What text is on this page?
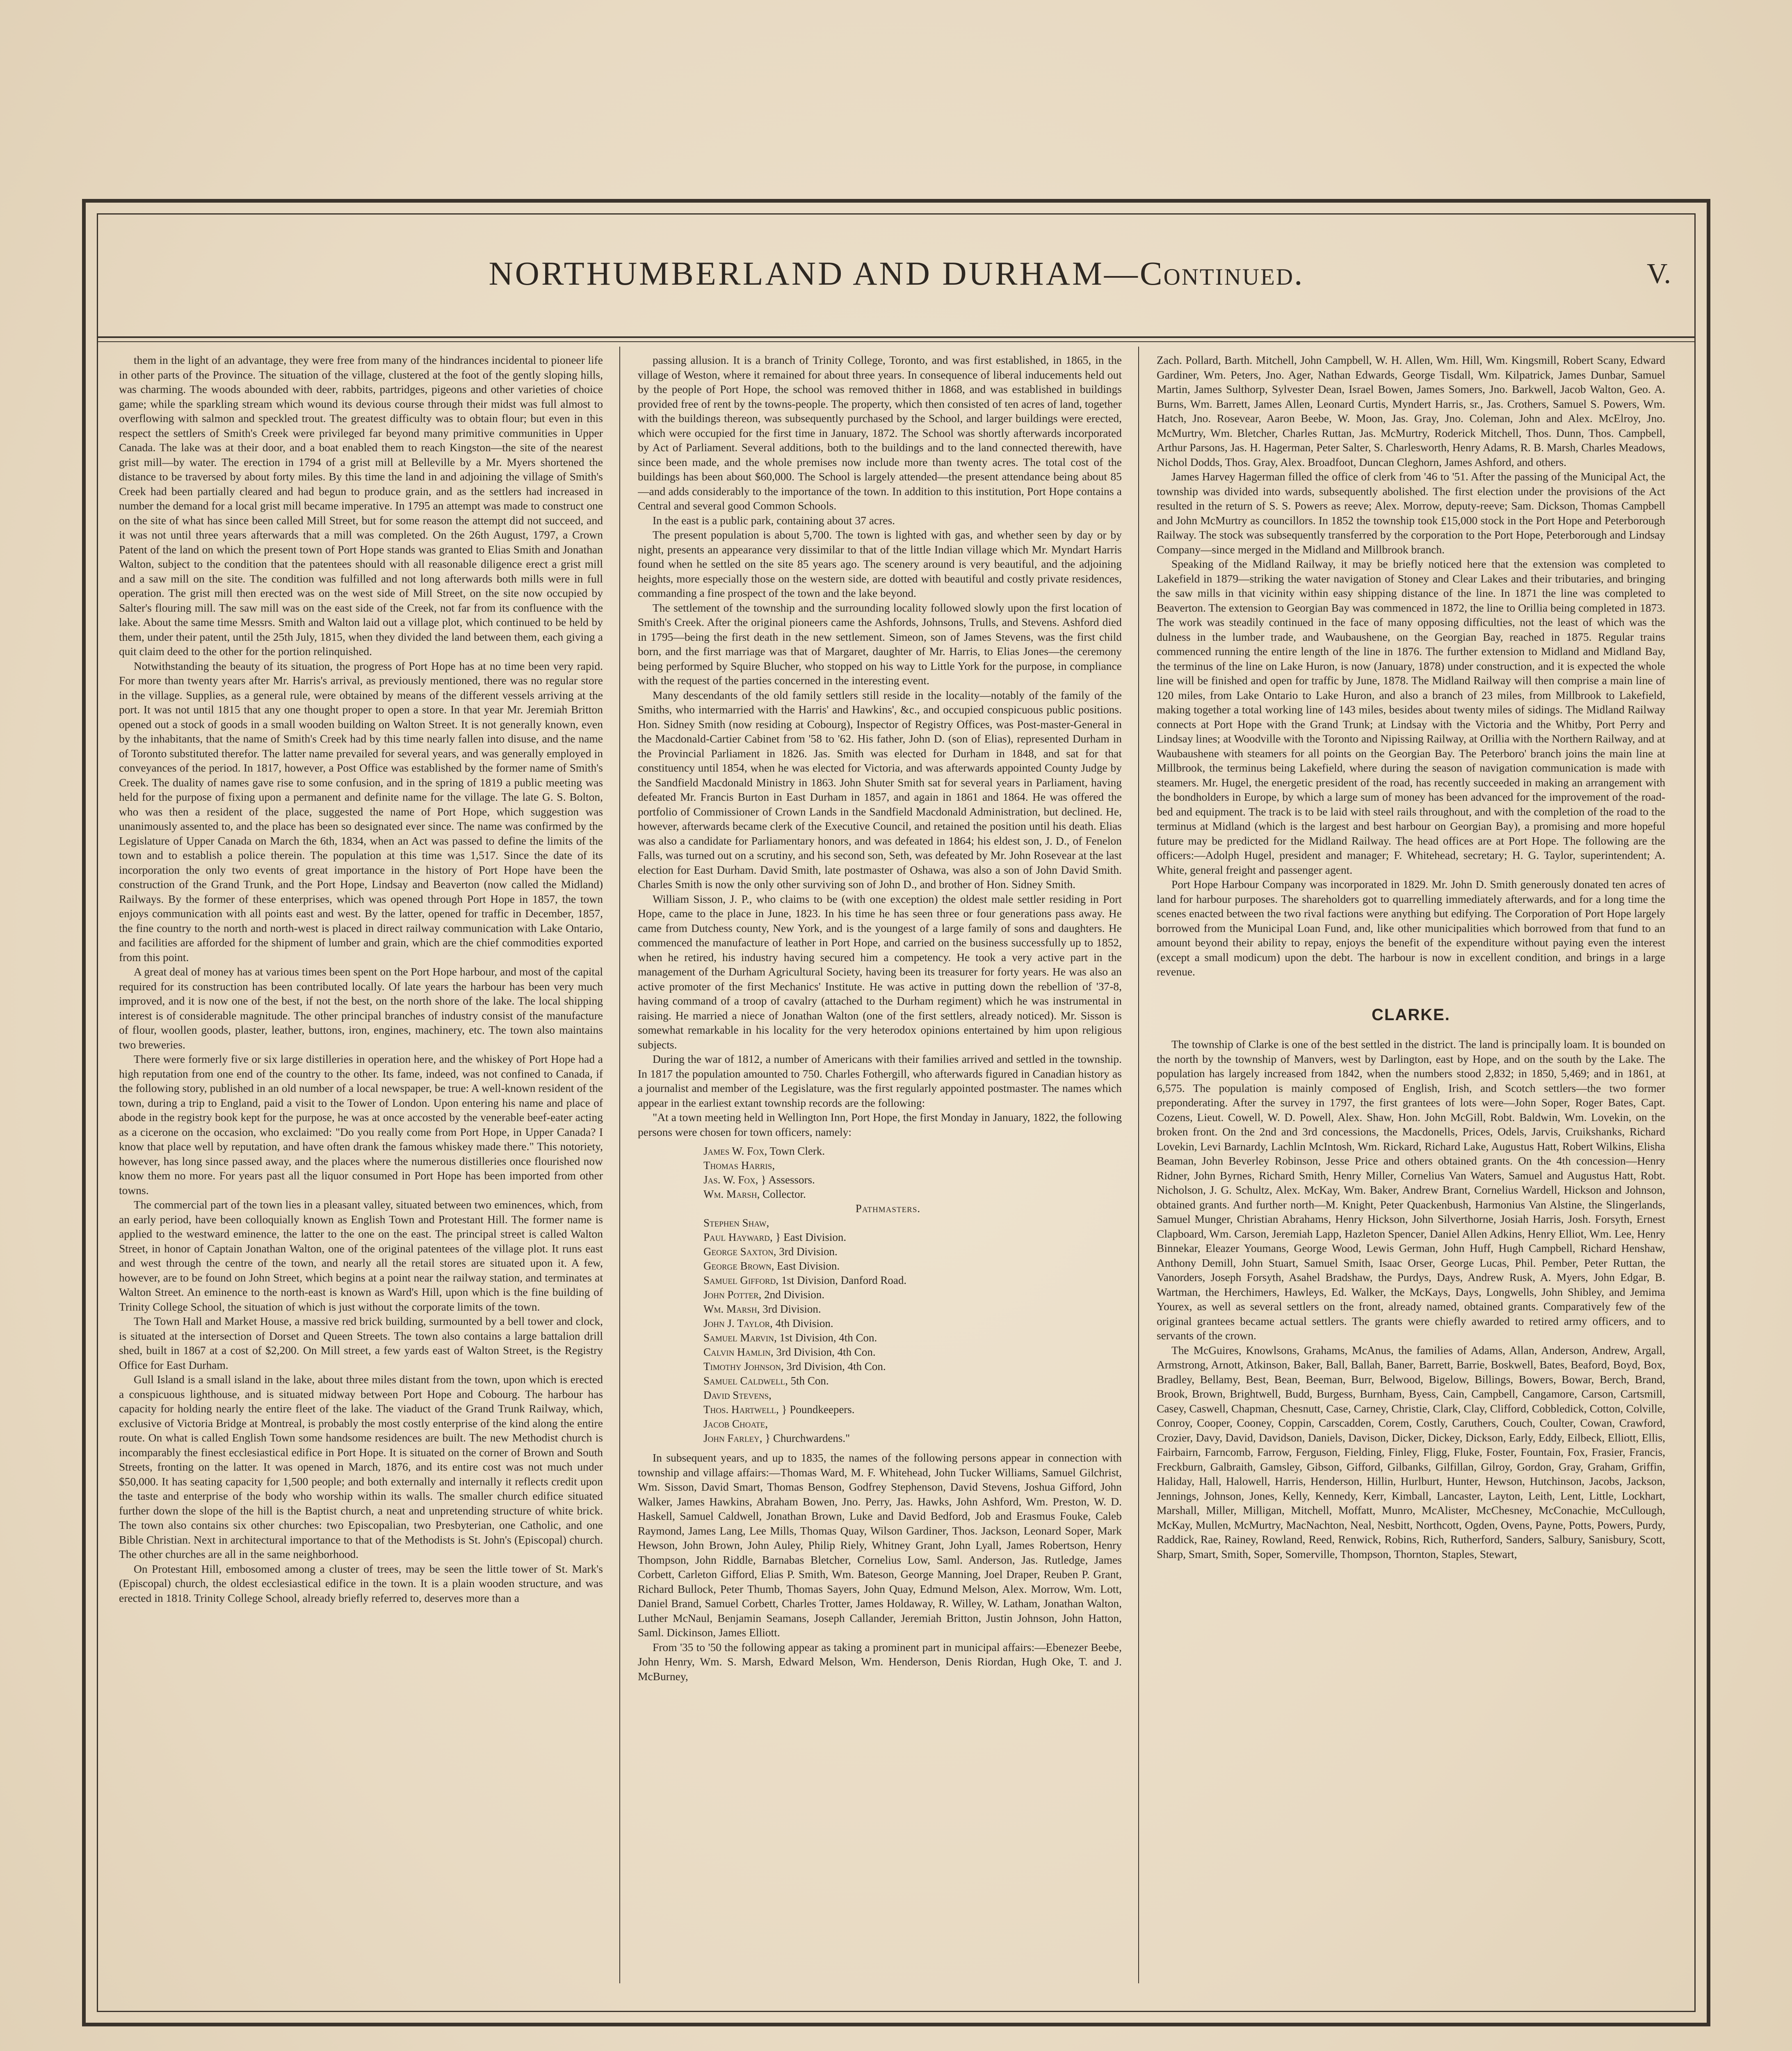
NORTHUMBERLAND AND DURHAM—Continued.	V.

them in the light of an advantage, they were free from many of the hindrances incidental to pioneer life in other parts of the Province. The situation of the village, clustered at the foot of the gently sloping hills, was charming. The woods abounded with deer, rabbits, partridges, pigeons and other varieties of choice game; while the sparkling stream which wound its devious course through their midst was full almost to overflowing with salmon and speckled trout. The greatest difficulty was to obtain flour; but even in this respect the settlers of Smith's Creek were privileged far beyond many primitive communities in Upper Canada. The lake was at their door, and a boat enabled them to reach Kingston—the site of the nearest grist mill—by water. The erection in 1794 of a grist mill at Belleville by a Mr. Myers shortened the distance to be traversed by about forty miles. By this time the land in and adjoining the village of Smith's Creek had been partially cleared and had begun to produce grain, and as the settlers had increased in number the demand for a local grist mill became imperative. In 1795 an attempt was made to construct one on the site of what has since been called Mill Street, but for some reason the attempt did not succeed, and it was not until three years afterwards that a mill was completed. On the 26th August, 1797, a Crown Patent of the land on which the present town of Port Hope stands was granted to Elias Smith and Jonathan Walton, subject to the condition that the patentees should with all reasonable diligence erect a grist mill and a saw mill on the site. The condition was fulfilled and not long afterwards both mills were in full operation. The grist mill then erected was on the west side of Mill Street, on the site now occupied by Salter's flouring mill. The saw mill was on the east side of the Creek, not far from its confluence with the lake. About the same time Messrs. Smith and Walton laid out a village plot, which continued to be held by them, under their patent, until the 25th July, 1815, when they divided the land between them, each giving a quit claim deed to the other for the portion relinquished.

Notwithstanding the beauty of its situation, the progress of Port Hope has at no time been very rapid. For more than twenty years after Mr. Harris's arrival, as previously mentioned, there was no regular store in the village. Supplies, as a general rule, were obtained by means of the different vessels arriving at the port. It was not until 1815 that any one thought proper to open a store. In that year Mr. Jeremiah Britton opened out a stock of goods in a small wooden building on Walton Street. It is not generally known, even by the inhabitants, that the name of Smith's Creek had by this time nearly fallen into disuse, and the name of Toronto substituted therefor. The latter name prevailed for several years, and was generally employed in conveyances of the period. In 1817, however, a Post Office was established by the former name of Smith's Creek. The duality of names gave rise to some confusion, and in the spring of 1819 a public meeting was held for the purpose of fixing upon a permanent and definite name for the village. The late G. S. Bolton, who was then a resident of the place, suggested the name of Port Hope, which suggestion was unanimously assented to, and the place has been so designated ever since. The name was confirmed by the Legislature of Upper Canada on March the 6th, 1834, when an Act was passed to define the limits of the town and to establish a police therein. The population at this time was 1,517. Since the date of its incorporation the only two events of great importance in the history of Port Hope have been the construction of the Grand Trunk, and the Port Hope, Lindsay and Beaverton (now called the Midland) Railways. By the former of these enterprises, which was opened through Port Hope in 1857, the town enjoys communication with all points east and west. By the latter, opened for traffic in December, 1857, the fine country to the north and north-west is placed in direct railway communication with Lake Ontario, and facilities are afforded for the shipment of lumber and grain, which are the chief commodities exported from this point.

A great deal of money has at various times been spent on the Port Hope harbour, and most of the capital required for its construction has been contributed locally. Of late years the harbour has been very much improved, and it is now one of the best, if not the best, on the north shore of the lake. The local shipping interest is of considerable magnitude. The other principal branches of industry consist of the manufacture of flour, woollen goods, plaster, leather, buttons, iron, engines, machinery, etc. The town also maintains two breweries.

There were formerly five or six large distilleries in operation here, and the whiskey of Port Hope had a high reputation from one end of the country to the other. Its fame, indeed, was not confined to Canada, if the following story, published in an old number of a local newspaper, be true: A well-known resident of the town, during a trip to England, paid a visit to the Tower of London. Upon entering his name and place of abode in the registry book kept for the purpose, he was at once accosted by the venerable beef-eater acting as a cicerone on the occasion, who exclaimed: "Do you really come from Port Hope, in Upper Canada? I know that place well by reputation, and have often drank the famous whiskey made there." This notoriety, however, has long since passed away, and the places where the numerous distilleries once flourished now know them no more. For years past all the liquor consumed in Port Hope has been imported from other towns.

The commercial part of the town lies in a pleasant valley, situated between two eminences, which, from an early period, have been colloquially known as English Town and Protestant Hill. The former name is applied to the westward eminence, the latter to the one on the east. The principal street is called Walton Street, in honor of Captain Jonathan Walton, one of the original patentees of the village plot. It runs east and west through the centre of the town, and nearly all the retail stores are situated upon it. A few, however, are to be found on John Street, which begins at a point near the railway station, and terminates at Walton Street. An eminence to the north-east is known as Ward's Hill, upon which is the fine building of Trinity College School, the situation of which is just without the corporate limits of the town.

The Town Hall and Market House, a massive red brick building, surmounted by a bell tower and clock, is situated at the intersection of Dorset and Queen Streets. The town also contains a large battalion drill shed, built in 1867 at a cost of $2,200. On Mill street, a few yards east of Walton Street, is the Registry Office for East Durham.

Gull Island is a small island in the lake, about three miles distant from the town, upon which is erected a conspicuous lighthouse, and is situated midway between Port Hope and Cobourg. The harbour has capacity for holding nearly the entire fleet of the lake. The viaduct of the Grand Trunk Railway, which, exclusive of Victoria Bridge at Montreal, is probably the most costly enterprise of the kind along the entire route. On what is called English Town some handsome residences are built. The new Methodist church is incomparably the finest ecclesiastical edifice in Port Hope. It is situated on the corner of Brown and South Streets, fronting on the latter. It was opened in March, 1876, and its entire cost was not much under $50,000. It has seating capacity for 1,500 people; and both externally and internally it reflects credit upon the taste and enterprise of the body who worship within its walls. The smaller church edifice situated further down the slope of the hill is the Baptist church, a neat and unpretending structure of white brick. The town also contains six other churches: two Episcopalian, two Presbyterian, one Catholic, and one Bible Christian. Next in architectural importance to that of the Methodists is St. John's (Episcopal) church. The other churches are all in the same neighborhood.

On Protestant Hill, embosomed among a cluster of trees, may be seen the little tower of St. Mark's (Episcopal) church, the oldest ecclesiastical edifice in the town. It is a plain wooden structure, and was erected in 1818. Trinity College School, already briefly referred to, deserves more than a

passing allusion. It is a branch of Trinity College, Toronto, and was first established, in 1865, in the village of Weston, where it remained for about three years. In consequence of liberal inducements held out by the people of Port Hope, the school was removed thither in 1868, and was established in buildings provided free of rent by the towns-people. The property, which then consisted of ten acres of land, together with the buildings thereon, was subsequently purchased by the School, and larger buildings were erected, which were occupied for the first time in January, 1872. The School was shortly afterwards incorporated by Act of Parliament. Several additions, both to the buildings and to the land connected therewith, have since been made, and the whole premises now include more than twenty acres. The total cost of the buildings has been about $60,000. The School is largely attended—the present attendance being about 85—and adds considerably to the importance of the town. In addition to this institution, Port Hope contains a Central and several good Common Schools.

In the east is a public park, containing about 37 acres.

The present population is about 5,700. The town is lighted with gas, and whether seen by day or by night, presents an appearance very dissimilar to that of the little Indian village which Mr. Myndart Harris found when he settled on the site 85 years ago. The scenery around is very beautiful, and the adjoining heights, more especially those on the western side, are dotted with beautiful and costly private residences, commanding a fine prospect of the town and the lake beyond.

The settlement of the township and the surrounding locality followed slowly upon the first location of Smith's Creek. After the original pioneers came the Ashfords, Johnsons, Trulls, and Stevens. Ashford died in 1795—being the first death in the new settlement. Simeon, son of James Stevens, was the first child born, and the first marriage was that of Margaret, daughter of Mr. Harris, to Elias Jones—the ceremony being performed by Squire Blucher, who stopped on his way to Little York for the purpose, in compliance with the request of the parties concerned in the interesting event.

Many descendants of the old family settlers still reside in the locality—notably of the family of the Smiths, who intermarried with the Harris' and Hawkins', &c., and occupied conspicuous public positions. Hon. Sidney Smith (now residing at Cobourg), Inspector of Registry Offices, was Post-master-General in the Macdonald-Cartier Cabinet from '58 to '62. His father, John D. (son of Elias), represented Durham in the Provincial Parliament in 1826. Jas. Smith was elected for Durham in 1848, and sat for that constituency until 1854, when he was elected for Victoria, and was afterwards appointed County Judge by the Sandfield Macdonald Ministry in 1863. John Shuter Smith sat for several years in Parliament, having defeated Mr. Francis Burton in East Durham in 1857, and again in 1861 and 1864. He was offered the portfolio of Commissioner of Crown Lands in the Sandfield Macdonald Administration, but declined. He, however, afterwards became clerk of the Executive Council, and retained the position until his death. Elias was also a candidate for Parliamentary honors, and was defeated in 1864; his eldest son, J. D., of Fenelon Falls, was turned out on a scrutiny, and his second son, Seth, was defeated by Mr. John Rosevear at the last election for East Durham. David Smith, late postmaster of Oshawa, was also a son of John David Smith. Charles Smith is now the only other surviving son of John D., and brother of Hon. Sidney Smith.

William Sisson, J. P., who claims to be (with one exception) the oldest male settler residing in Port Hope, came to the place in June, 1823. In his time he has seen three or four generations pass away. He came from Dutchess county, New York, and is the youngest of a large family of sons and daughters. He commenced the manufacture of leather in Port Hope, and carried on the business successfully up to 1852, when he retired, his industry having secured him a competency. He took a very active part in the management of the Durham Agricultural Society, having been its treasurer for forty years. He was also an active promoter of the first Mechanics' Institute. He was active in putting down the rebellion of '37-8, having command of a troop of cavalry (attached to the Durham regiment) which he was instrumental in raising. He married a niece of Jonathan Walton (one of the first settlers, already noticed). Mr. Sisson is somewhat remarkable in his locality for the very heterodox opinions entertained by him upon religious subjects.

During the war of 1812, a number of Americans with their families arrived and settled in the township. In 1817 the population amounted to 750. Charles Fothergill, who afterwards figured in Canadian history as a journalist and member of the Legislature, was the first regularly appointed postmaster. The names which appear in the earliest extant township records are the following:

"At a town meeting held in Wellington Inn, Port Hope, the first Monday in January, 1822, the following persons were chosen for town officers, namely:

James W. Fox, Town Clerk.
Thomas Harris,
Jas. W. Fox, } Assessors.
Wm. Marsh, Collector.
Pathmasters.
Stephen Shaw,
Paul Hayward, } East Division.
George Saxton, 3rd Division.
George Brown, East Division.
Samuel Gifford, 1st Division, Danford Road.
John Potter, 2nd Division.
Wm. Marsh, 3rd Division.
John J. Taylor, 4th Division.
Samuel Marvin, 1st Division, 4th Con.
Calvin Hamlin, 3rd Division, 4th Con.
Timothy Johnson, 3rd Division, 4th Con.
Samuel Caldwell, 5th Con.
David Stevens,
Thos. Hartwell, } Poundkeepers.
Jacob Choate,
John Farley, } Churchwardens."

In subsequent years, and up to 1835, the names of the following persons appear in connection with township and village affairs:—Thomas Ward, M. F. Whitehead, John Tucker Williams, Samuel Gilchrist, Wm. Sisson, David Smart, Thomas Benson, Godfrey Stephenson, David Stevens, Joshua Gifford, John Walker, James Hawkins, Abraham Bowen, Jno. Perry, Jas. Hawks, John Ashford, Wm. Preston, W. D. Haskell, Samuel Caldwell, Jonathan Brown, Luke and David Bedford, Job and Erasmus Fouke, Caleb Raymond, James Lang, Lee Mills, Thomas Quay, Wilson Gardiner, Thos. Jackson, Leonard Soper, Mark Hewson, John Brown, John Auley, Philip Riely, Whitney Grant, John Lyall, James Robertson, Henry Thompson, John Riddle, Barnabas Bletcher, Cornelius Low, Saml. Anderson, Jas. Rutledge, James Corbett, Carleton Gifford, Elias P. Smith, Wm. Bateson, George Manning, Joel Draper, Reuben P. Grant, Richard Bullock, Peter Thumb, Thomas Sayers, John Quay, Edmund Melson, Alex. Morrow, Wm. Lott, Daniel Brand, Samuel Corbett, Charles Trotter, James Holdaway, R. Willey, W. Latham, Jonathan Walton, Luther McNaul, Benjamin Seamans, Joseph Callander, Jeremiah Britton, Justin Johnson, John Hatton, Saml. Dickinson, James Elliott.

From '35 to '50 the following appear as taking a prominent part in municipal affairs:—Ebenezer Beebe, John Henry, Wm. S. Marsh, Edward Melson, Wm. Henderson, Denis Riordan, Hugh Oke, T. and J. McBurney,

Zach. Pollard, Barth. Mitchell, John Campbell, W. H. Allen, Wm. Hill, Wm. Kingsmill, Robert Scany, Edward Gardiner, Wm. Peters, Jno. Ager, Nathan Edwards, George Tisdall, Wm. Kilpatrick, James Dunbar, Samuel Martin, James Sulthorp, Sylvester Dean, Israel Bowen, James Somers, Jno. Barkwell, Jacob Walton, Geo. A. Burns, Wm. Barrett, James Allen, Leonard Curtis, Myndert Harris, sr., Jas. Crothers, Samuel S. Powers, Wm. Hatch, Jno. Rosevear, Aaron Beebe, W. Moon, Jas. Gray, Jno. Coleman, John and Alex. McElroy, Jno. McMurtry, Wm. Bletcher, Charles Ruttan, Jas. McMurtry, Roderick Mitchell, Thos. Dunn, Thos. Campbell, Arthur Parsons, Jas. H. Hagerman, Peter Salter, S. Charlesworth, Henry Adams, R. B. Marsh, Charles Meadows, Nichol Dodds, Thos. Gray, Alex. Broadfoot, Duncan Cleghorn, James Ashford, and others.

James Harvey Hagerman filled the office of clerk from '46 to '51. After the passing of the Municipal Act, the township was divided into wards, subsequently abolished. The first election under the provisions of the Act resulted in the return of S. S. Powers as reeve; Alex. Morrow, deputy-reeve; Sam. Dickson, Thomas Campbell and John McMurtry as councillors. In 1852 the township took £15,000 stock in the Port Hope and Peterborough Railway. The stock was subsequently transferred by the corporation to the Port Hope, Peterborough and Lindsay Company—since merged in the Midland and Millbrook branch.

Speaking of the Midland Railway, it may be briefly noticed here that the extension was completed to Lakefield in 1879—striking the water navigation of Stoney and Clear Lakes and their tributaries, and bringing the saw mills in that vicinity within easy shipping distance of the line. In 1871 the line was completed to Beaverton. The extension to Georgian Bay was commenced in 1872, the line to Orillia being completed in 1873. The work was steadily continued in the face of many opposing difficulties, not the least of which was the dulness in the lumber trade, and Waubaushene, on the Georgian Bay, reached in 1875. Regular trains commenced running the entire length of the line in 1876. The further extension to Midland and Midland Bay, the terminus of the line on Lake Huron, is now (January, 1878) under construction, and it is expected the whole line will be finished and open for traffic by June, 1878. The Midland Railway will then comprise a main line of 120 miles, from Lake Ontario to Lake Huron, and also a branch of 23 miles, from Millbrook to Lakefield, making together a total working line of 143 miles, besides about twenty miles of sidings. The Midland Railway connects at Port Hope with the Grand Trunk; at Lindsay with the Victoria and the Whitby, Port Perry and Lindsay lines; at Woodville with the Toronto and Nipissing Railway, at Orillia with the Northern Railway, and at Waubaushene with steamers for all points on the Georgian Bay. The Peterboro' branch joins the main line at Millbrook, the terminus being Lakefield, where during the season of navigation communication is made with steamers. Mr. Hugel, the energetic president of the road, has recently succeeded in making an arrangement with the bondholders in Europe, by which a large sum of money has been advanced for the improvement of the road-bed and equipment. The track is to be laid with steel rails throughout, and with the completion of the road to the terminus at Midland (which is the largest and best harbour on Georgian Bay), a promising and more hopeful future may be predicted for the Midland Railway. The head offices are at Port Hope. The following are the officers:—Adolph Hugel, president and manager; F. Whitehead, secretary; H. G. Taylor, superintendent; A. White, general freight and passenger agent.

Port Hope Harbour Company was incorporated in 1829. Mr. John D. Smith generously donated ten acres of land for harbour purposes. The shareholders got to quarrelling immediately afterwards, and for a long time the scenes enacted between the two rival factions were anything but edifying. The Corporation of Port Hope largely borrowed from the Municipal Loan Fund, and, like other municipalities which borrowed from that fund to an amount beyond their ability to repay, enjoys the benefit of the expenditure without paying even the interest (except a small modicum) upon the debt. The harbour is now in excellent condition, and brings in a large revenue.

CLARKE.

The township of Clarke is one of the best settled in the district. The land is principally loam. It is bounded on the north by the township of Manvers, west by Darlington, east by Hope, and on the south by the Lake. The population has largely increased from 1842, when the numbers stood 2,832; in 1850, 5,469; and in 1861, at 6,575. The population is mainly composed of English, Irish, and Scotch settlers—the two former preponderating. After the survey in 1797, the first grantees of lots were—John Soper, Roger Bates, Capt. Cozens, Lieut. Cowell, W. D. Powell, Alex. Shaw, Hon. John McGill, Robt. Baldwin, Wm. Lovekin, on the broken front. On the 2nd and 3rd concessions, the Macdonells, Prices, Odels, Jarvis, Cruikshanks, Richard Lovekin, Levi Barnardy, Lachlin McIntosh, Wm. Rickard, Richard Lake, Augustus Hatt, Robert Wilkins, Elisha Beaman, John Beverley Robinson, Jesse Price and others obtained grants. On the 4th concession—Henry Ridner, John Byrnes, Richard Smith, Henry Miller, Cornelius Van Waters, Samuel and Augustus Hatt, Robt. Nicholson, J. G. Schultz, Alex. McKay, Wm. Baker, Andrew Brant, Cornelius Wardell, Hickson and Johnson, obtained grants. And further north—M. Knight, Peter Quackenbush, Harmonius Van Alstine, the Slingerlands, Samuel Munger, Christian Abrahams, Henry Hickson, John Silverthorne, Josiah Harris, Josh. Forsyth, Ernest Clapboard, Wm. Carson, Jeremiah Lapp, Hazleton Spencer, Daniel Allen Adkins, Henry Elliot, Wm. Lee, Henry Binnekar, Eleazer Youmans, George Wood, Lewis German, John Huff, Hugh Campbell, Richard Henshaw, Anthony Demill, John Stuart, Samuel Smith, Isaac Orser, George Lucas, Phil. Pember, Peter Ruttan, the Vanorders, Joseph Forsyth, Asahel Bradshaw, the Purdys, Days, Andrew Rusk, A. Myers, John Edgar, B. Wartman, the Herchimers, Hawleys, Ed. Walker, the McKays, Days, Longwells, John Shibley, and Jemima Yourex, as well as several settlers on the front, already named, obtained grants. Comparatively few of the original grantees became actual settlers. The grants were chiefly awarded to retired army officers, and to servants of the crown.

The McGuires, Knowlsons, Grahams, McAnus, the families of Adams, Allan, Anderson, Andrew, Argall, Armstrong, Arnott, Atkinson, Baker, Ball, Ballah, Baner, Barrett, Barrie, Boskwell, Bates, Beaford, Boyd, Box, Bradley, Bellamy, Best, Bean, Beeman, Burr, Belwood, Bigelow, Billings, Bowers, Bowar, Berch, Brand, Brook, Brown, Brightwell, Budd, Burgess, Burnham, Byess, Cain, Campbell, Cangamore, Carson, Cartsmill, Casey, Caswell, Chapman, Chesnutt, Case, Carney, Christie, Clark, Clay, Clifford, Cobbledick, Cotton, Colville, Conroy, Cooper, Cooney, Coppin, Carscadden, Corem, Costly, Caruthers, Couch, Coulter, Cowan, Crawford, Crozier, Davy, David, Davidson, Daniels, Davison, Dicker, Dickey, Dickson, Early, Eddy, Eilbeck, Elliott, Ellis, Fairbairn, Farncomb, Farrow, Ferguson, Fielding, Finley, Fligg, Fluke, Foster, Fountain, Fox, Frasier, Francis, Freckburn, Galbraith, Gamsley, Gibson, Gifford, Gilbanks, Gilfillan, Gilroy, Gordon, Gray, Graham, Griffin, Haliday, Hall, Halowell, Harris, Henderson, Hillin, Hurlburt, Hunter, Hewson, Hutchinson, Jacobs, Jackson, Jennings, Johnson, Jones, Kelly, Kennedy, Kerr, Kimball, Lancaster, Layton, Leith, Lent, Little, Lockhart, Marshall, Miller, Milligan, Mitchell, Moffatt, Munro, McAlister, McChesney, McConachie, McCullough, McKay, Mullen, McMurtry, MacNachton, Neal, Nesbitt, Northcott, Ogden, Ovens, Payne, Potts, Powers, Purdy, Raddick, Rae, Rainey, Rowland, Reed, Renwick, Robins, Rich, Rutherford, Sanders, Salbury, Sanisbury, Scott, Sharp, Smart, Smith, Soper, Somerville, Thompson, Thornton, Staples, Stewart,
